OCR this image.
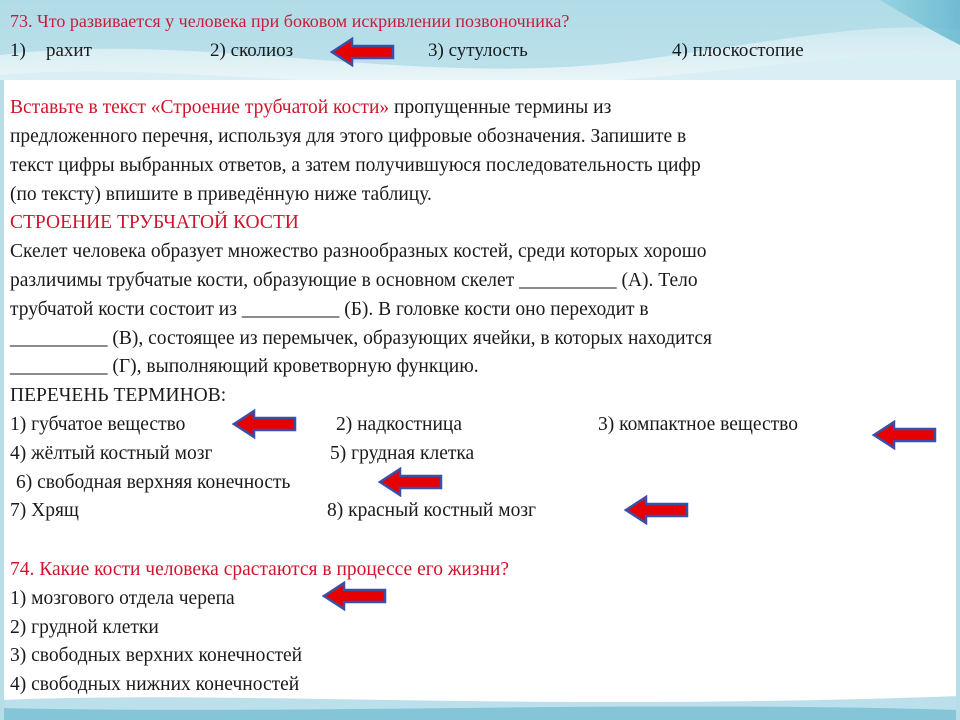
73. Что развивается у человека при боковом искривлении позвоночника?
1) рахит	2) сколиоз	3) сутулость	4) плоскостопие
Вставьте в текст «Строение трубчатой кости» пропущенные термины из
предложенного перечня, используя для этого цифровые обозначения. Запишите в
текст цифры выбранных ответов, а затем получившуюся последовательность цифр
(по тексту) впишите в приведённую ниже таблицу.
СТРОЕНИЕ ТРУБЧАТОЙ КОСТИ
Скелет человека образует множество разнообразных костей, среди которых хорошо
различимы трубчатые кости, образующие в основном скелет __________ (А). Тело
трубчатой кости состоит из __________ (Б). В головке кости оно переходит в
__________ (В), состоящее из перемычек, образующих ячейки, в которых находится
__________ (Г), выполняющий кроветворную функцию.
ПЕРЕЧЕНЬ ТЕРМИНОВ:
1) губчатое вещество	2) надкостница	3) компактное вещество
4) жёлтый костный мозг	5) грудная клетка
6) свободная верхняя конечность
7) Хрящ	8) красный костный мозг
74. Какие кости человека срастаются в процессе его жизни?
1) мозгового отдела черепа
2) грудной клетки
3) свободных верхних конечностей
4) свободных нижних конечностей
